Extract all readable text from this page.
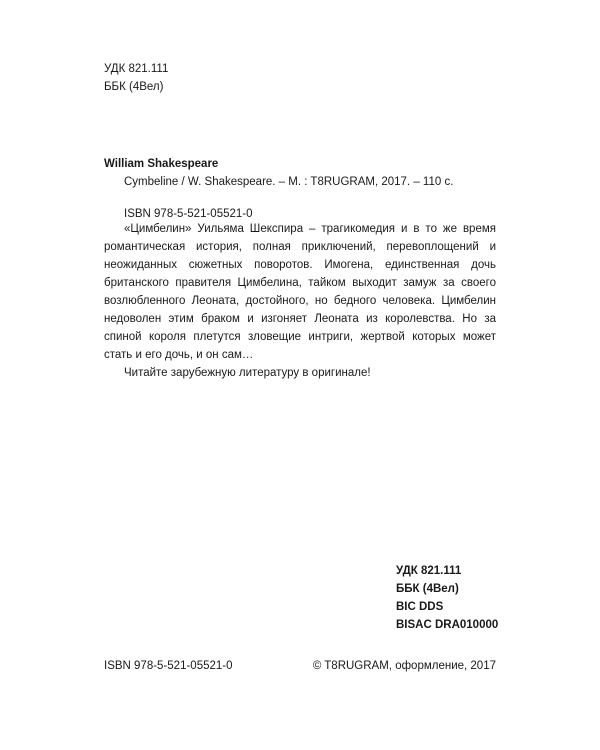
УДК 821.111
ББК (4Вел)
William Shakespeare
Cymbeline / W. Shakespeare. – M. : T8RUGRAM, 2017. – 110 с.
ISBN 978-5-521-05521-0

«Цимбелин» Уильяма Шекспира – трагикомедия и в то же время романтическая история, полная приключений, перевоплощений и неожиданных сюжетных поворотов. Имогена, единственная дочь британского правителя Цимбелина, тайком выходит замуж за своего возлюбленного Леоната, достойного, но бедного человека. Цимбелин недоволен этим браком и изгоняет Леоната из королевства. Но за спиной короля плетутся зловещие интриги, жертвой которых может стать и его дочь, и он сам…

Читайте зарубежную литературу в оригинале!

УДК 821.111
ББК (4Вел)
BIC DDS
BISAC DRA010000
ISBN 978-5-521-05521-0	© T8RUGRAM, оформление, 2017
